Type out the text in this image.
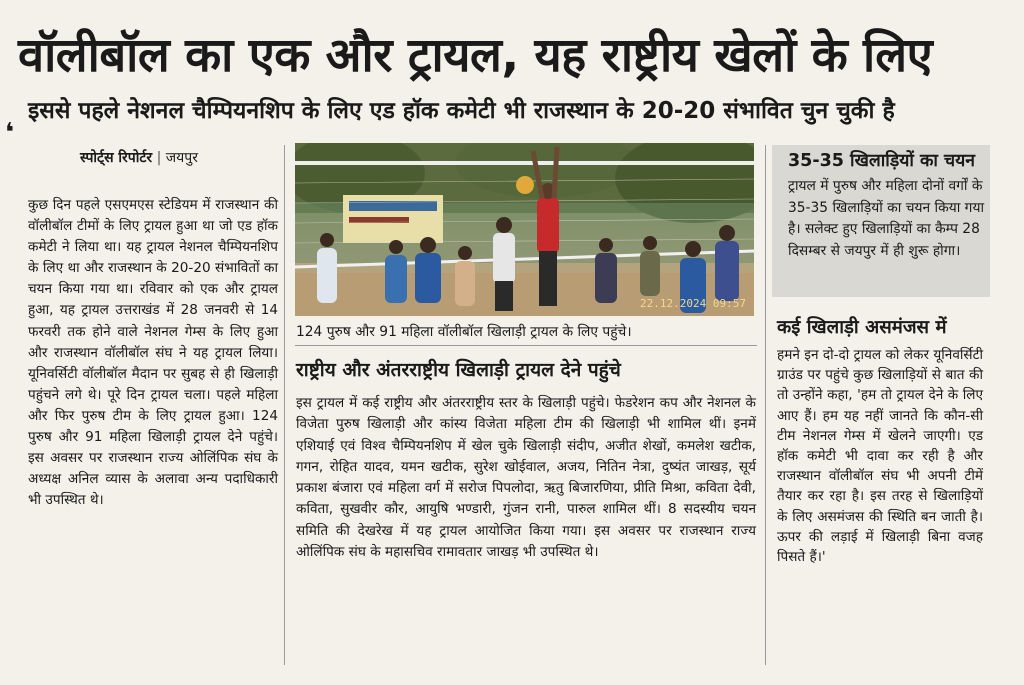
वॉलीबॉल का एक और ट्रायल, यह राष्ट्रीय खेलों के लिए
इससे पहले नेशनल चैम्पियनशिप के लिए एड हॉक कमेटी भी राजस्थान के 20-20 संभावित चुन चुकी है
❛
स्पोर्ट्स रिपोर्टर | जयपुर
कुछ दिन पहले एसएमएस स्टेडियम में राजस्थान की वॉलीबॉल टीमों के लिए ट्रायल हुआ था जो एड हॉक कमेटी ने लिया था। यह ट्रायल नेशनल चैम्पियनशिप के लिए था और राजस्थान के 20-20 संभावितों का चयन किया गया था। रविवार को एक और ट्रायल हुआ, यह ट्रायल उत्तराखंड में 28 जनवरी से 14 फरवरी तक होने वाले नेशनल गेम्स के लिए हुआ और राजस्थान वॉलीबॉल संघ ने यह ट्रायल लिया। यूनिवर्सिटी वॉलीबॉल मैदान पर सुबह से ही खिलाड़ी पहुंचने लगे थे। पूरे दिन ट्रायल चला। पहले महिला और फिर पुरुष टीम के लिए ट्रायल हुआ। 124 पुरुष और 91 महिला खिलाड़ी ट्रायल देने पहुंचे। इस अवसर पर राजस्थान राज्य ओलिंपिक संघ के अध्यक्ष अनिल व्यास के अलावा अन्य पदाधिकारी भी उपस्थित थे।
22.12.2024 09:57
124 पुरुष और 91 महिला वॉलीबॉल खिलाड़ी ट्रायल के लिए पहुंचे।
राष्ट्रीय और अंतरराष्ट्रीय खिलाड़ी ट्रायल देने पहुंचे
इस ट्रायल में कई राष्ट्रीय और अंतरराष्ट्रीय स्तर के खिलाड़ी पहुंचे। फेडरेशन कप और नेशनल के विजेता पुरुष खिलाड़ी और कांस्य विजेता महिला टीम की खिलाड़ी भी शामिल थीं। इनमें एशियाई एवं विश्व चैम्पियनशिप में खेल चुके खिलाड़ी संदीप, अजीत शेखों, कमलेश खटीक, गगन, रोहित यादव, यमन खटीक, सुरेश खोईवाल, अजय, नितिन नेत्रा, दुष्यंत जाखड़, सूर्य प्रकाश बंजारा एवं महिला वर्ग में सरोज पिपलोदा, ऋतु बिजारणिया, प्रीति मिश्रा, कविता देवी, कविता, सुखवीर कौर, आयुषि भण्डारी, गुंजन रानी, पारुल शामिल थीं। 8 सदस्यीय चयन समिति की देखरेख में यह ट्रायल आयोजित किया गया। इस अवसर पर राजस्थान राज्य ओलिंपिक संघ के महासचिव रामावतार जाखड़ भी उपस्थित थे।
35-35 खिलाड़ियों का चयन
ट्रायल में पुरुष और महिला दोनों वर्गों के 35-35 खिलाड़ियों का चयन किया गया है। सलेक्ट हुए खिलाड़ियों का कैम्प 28 दिसम्बर से जयपुर में ही शुरू होगा।
कई खिलाड़ी असमंजस में
हमने इन दो-दो ट्रायल को लेकर यूनिवर्सिटी ग्राउंड पर पहुंचे कुछ खिलाड़ियों से बात की तो उन्होंने कहा, 'हम तो ट्रायल देने के लिए आए हैं। हम यह नहीं जानते कि कौन-सी टीम नेशनल गेम्स में खेलने जाएगी। एड हॉक कमेटी भी दावा कर रही है और राजस्थान वॉलीबॉल संघ भी अपनी टीमें तैयार कर रहा है। इस तरह से खिलाड़ियों के लिए असमंजस की स्थिति बन जाती है। ऊपर की लड़ाई में खिलाड़ी बिना वजह पिसते हैं।'
